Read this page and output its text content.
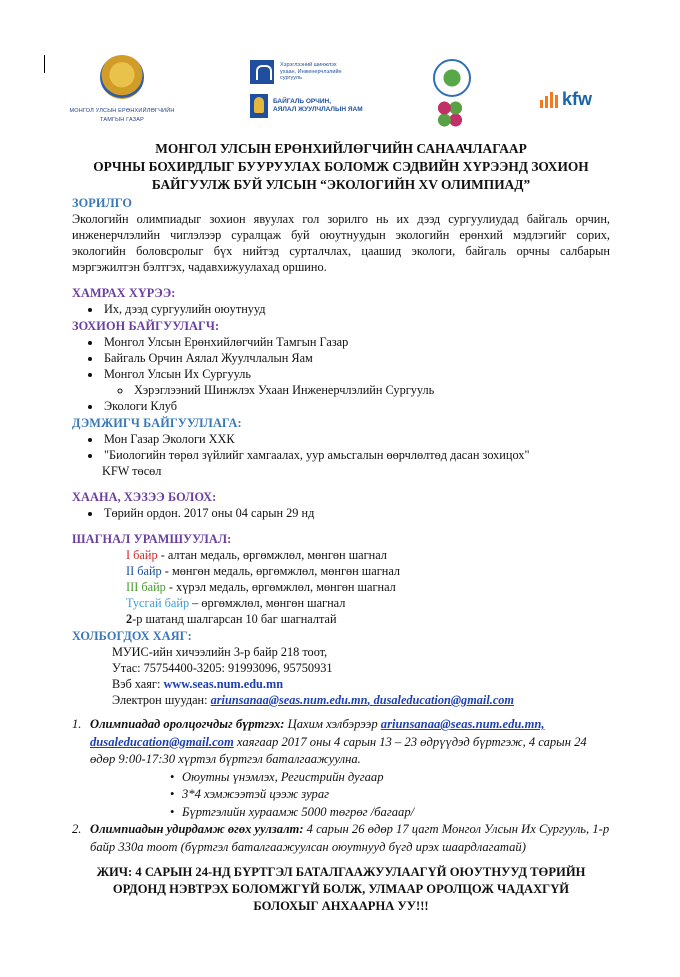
МОНГОЛ УЛСЫН ЕРӨНХИЙЛӨГЧИЙН
ТАМГЫН ГАЗАР
Хэрэглээний шинжлэх
ухаан, Инженерчлэлийн
сургууль
БАЙГАЛЬ ОРЧИН,
АЯЛАЛ ЖУУЛЧЛАЛЫН ЯАМ
kfw
МОНГОЛ УЛСЫН ЕРӨНХИЙЛӨГЧИЙН САНААЧЛАГААР
ОРЧНЫ БОХИРДЛЫГ БУУРУУЛАХ БОЛОМЖ СЭДВИЙН ХҮРЭЭНД ЗОХИОН
БАЙГУУЛЖ БУЙ УЛСЫН “ЭКОЛОГИЙН XV ОЛИМПИАД”
ЗОРИЛГО
Экологийн олимпиадыг зохион явуулах гол зорилго нь их дээд сургуулиудад байгаль орчин, инженерчлэлийн чиглэлээр суралцаж буй оюутнуудын экологийн ерөнхий мэдлэгийг сорих, экологийн боловсролыг бүх нийтэд сурталчлах, цаашид экологи, байгаль орчны салбарын мэргэжилтэн бэлтгэх, чадавхижуулахад оршино.
ХАМРАХ ХҮРЭЭ:
• Их, дээд сургуулийн оюутнууд
ЗОХИОН БАЙГУУЛАГЧ:
• Монгол Улсын Ерөнхийлөгчийн Тамгын Газар
• Байгаль Орчин Аялал Жуулчлалын Яам
• Монгол Улсын Их Сургууль
◦ Хэрэглээний Шинжлэх Ухаан Инженерчлэлийн Сургууль
• Экологи Клуб
ДЭМЖИГЧ БАЙГУУЛЛАГА:
• Мон Газар Экологи ХХК
• "Биологийн төрөл зүйлийг хамгаалах, уур амьсгалын өөрчлөлтөд дасан зохицох"
KFW төсөл
ХААНА, ХЭЗЭЭ БОЛОХ:
• Төрийн ордон. 2017 оны 04 сарын 29 нд
ШАГНАЛ УРАМШУУЛАЛ:
I байр - алтан медаль, өргөмжлөл, мөнгөн шагнал
II байр - мөнгөн медаль, өргөмжлөл, мөнгөн шагнал
III байр - хүрэл медаль, өргөмжлөл, мөнгөн шагнал
Тусгай байр – өргөмжлөл, мөнгөн шагнал
2-р шатанд шалгарсан 10 баг шагналтай
ХОЛБОГДОХ ХАЯГ:
МУИС-ийн хичээлийн 3-р байр 218 тоот,
Утас: 75754400-3205: 91993096, 95750931
Вэб хаяг: www.seas.num.edu.mn
Электрон шуудан: ariunsanaa@seas.num.edu.mn, dusaleducation@gmail.com
1. Олимпиадад оролцогчдыг бүртгэх: Цахим хэлбэрээр ariunsanaa@seas.num.edu.mn, dusaleducation@gmail.com хаягаар 2017 оны 4 сарын 13 – 23 өдрүүдэд бүртгэж, 4 сарын 24 өдөр 9:00-17:30 хүртэл бүртгэл баталгаажуулна.
• Оюутны үнэмлэх, Регистрийн дугаар
• 3*4 хэмжээтэй цээж зураг
• Бүртгэлийн хураамж 5000 төгрөг /багаар/
2. Олимпиадын удирдамж өгөх уулзалт: 4 сарын 26 өдөр 17 цагт Монгол Улсын Их Сургууль, 1-р байр 330а тоот (бүртгэл баталгаажуулсан оюутнууд бүгд ирэх шаардлагатай)
ЖИЧ: 4 САРЫН 24-НД БҮРТГЭЛ БАТАЛГААЖУУЛААГҮЙ ОЮУТНУУД ТӨРИЙН
ОРДОНД НЭВТРЭХ БОЛОМЖГҮЙ БОЛЖ, УЛМААР ОРОЛЦОЖ ЧАДАХГҮЙ
БОЛОХЫГ АНХААРНА УУ!!!
